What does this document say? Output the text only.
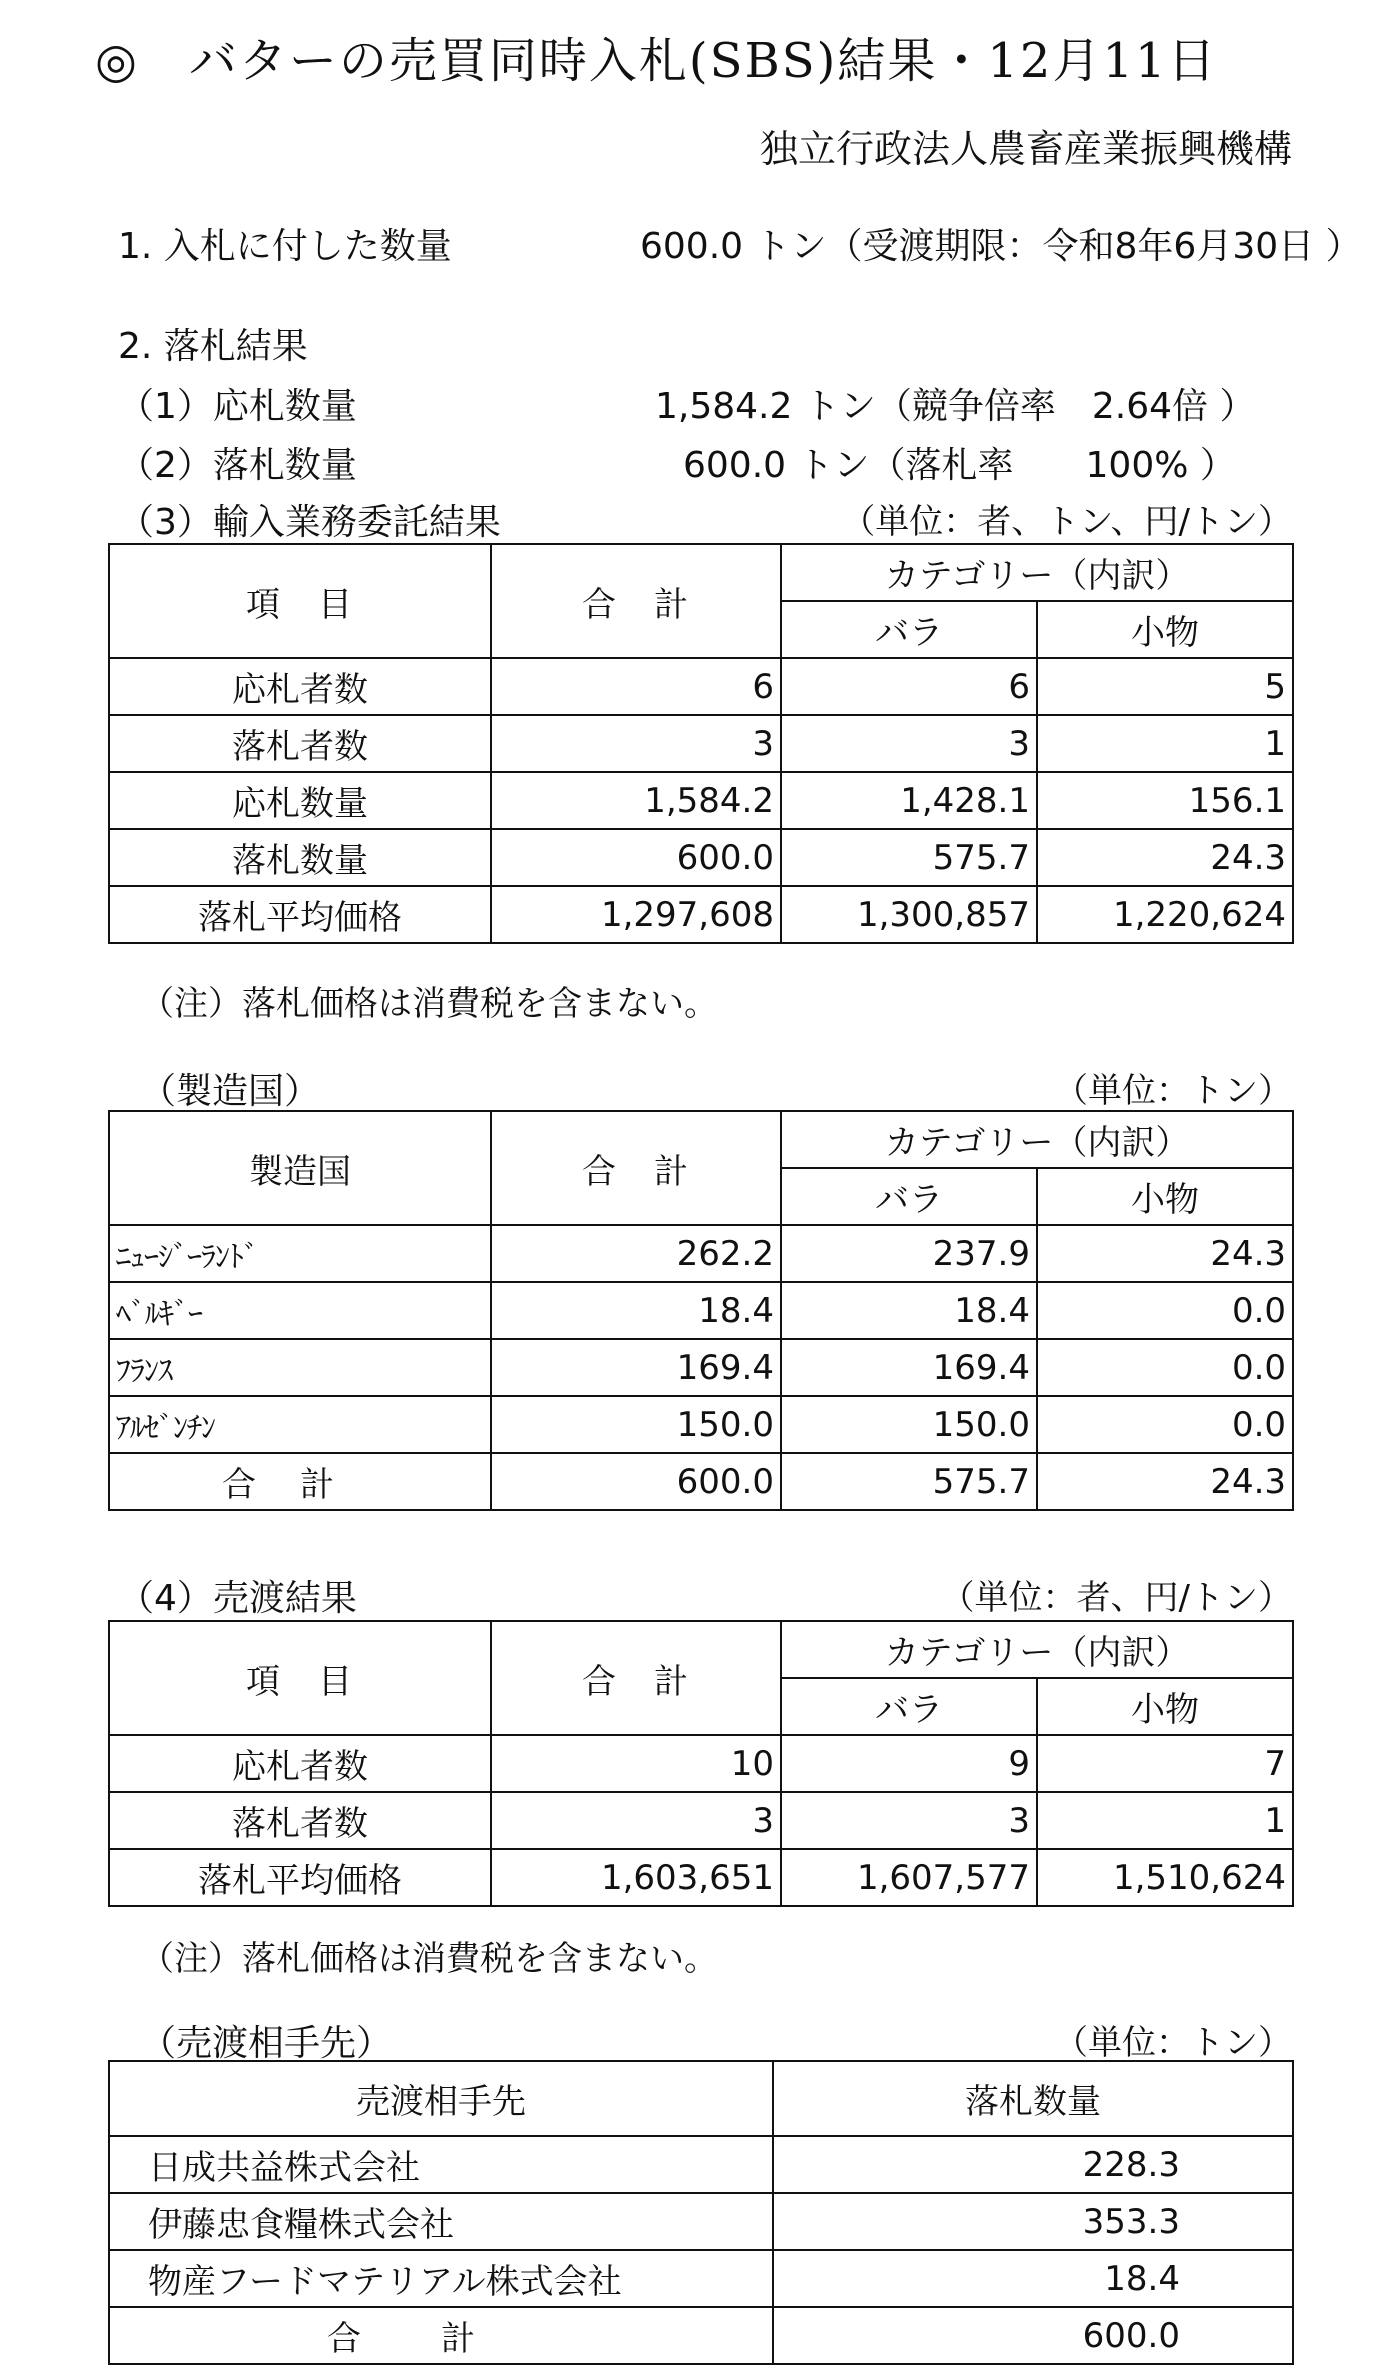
◎　バターの売買同時入札(SBS)結果・12月11日
独立行政法人農畜産業振興機構
1. 入札に付した数量	600.0 トン（受渡期限：令和8年6月30日 ）
2. 落札結果
（1）応札数量	1,584.2 トン（競争倍率　2.64倍 ）
（2）落札数量	600.0 トン（落札率　　100% ）
（3）輸入業務委託結果	（単位：者、トン、円/トン）
項　目	合　計	カテゴリー（内訳）	
		バラ	小物
応札者数	6	6	5
落札者数	3	3	1
応札数量	1,584.2	1,428.1	156.1
落札数量	600.0	575.7	24.3
落札平均価格	1,297,608	1,300,857	1,220,624
（注）落札価格は消費税を含まない。
（製造国）	（単位：トン）
製造国	合　計	カテゴリー（内訳）	
		バラ	小物
ﾆｭｰｼﾞｰﾗﾝﾄﾞ	262.2	237.9	24.3
ﾍﾞﾙｷﾞｰ	18.4	18.4	0.0
ﾌﾗﾝｽ	169.4	169.4	0.0
ｱﾙｾﾞﾝﾁﾝ	150.0	150.0	0.0
合計	600.0	575.7	24.3
（4）売渡結果	（単位：者、円/トン）
項　目	合　計	カテゴリー（内訳）	
		バラ	小物
応札者数	10	9	7
落札者数	3	3	1
落札平均価格	1,603,651	1,607,577	1,510,624
（注）落札価格は消費税を含まない。
（売渡相手先）	（単位：トン）
売渡相手先	落札数量
日成共益株式会社	228.3
伊藤忠食糧株式会社	353.3
物産フードマテリアル株式会社	18.4
合計	600.0
